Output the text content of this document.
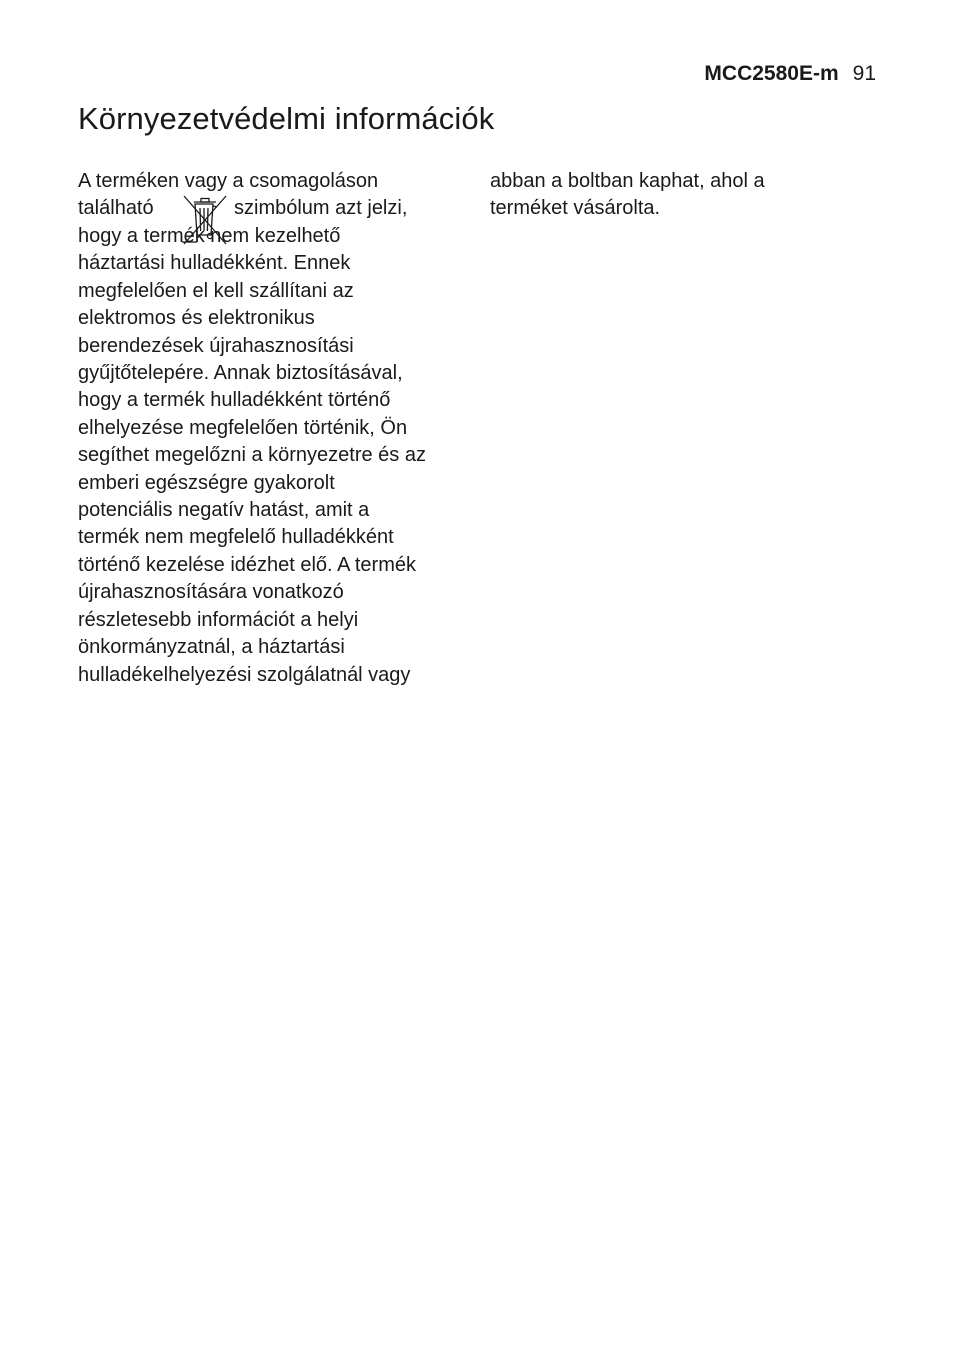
MCC2580E-m 91
Környezetvédelmi információk
A terméken vagy a csomagoláson
található	szimbólum azt jelzi,
hogy a termék nem kezelhető
háztartási hulladékként. Ennek
megfelelően el kell szállítani az
elektromos és elektronikus
berendezések újrahasznosítási
gyűjtőtelepére. Annak biztosításával,
hogy a termék hulladékként történő
elhelyezése megfelelően történik, Ön
segíthet megelőzni a környezetre és az
emberi egészségre gyakorolt
potenciális negatív hatást, amit a
termék nem megfelelő hulladékként
történő kezelése idézhet elő. A termék
újrahasznosítására vonatkozó
részletesebb információt a helyi
önkormányzatnál, a háztartási
hulladékelhelyezési szolgálatnál vagy
abban a boltban kaphat, ahol a
terméket vásárolta.
